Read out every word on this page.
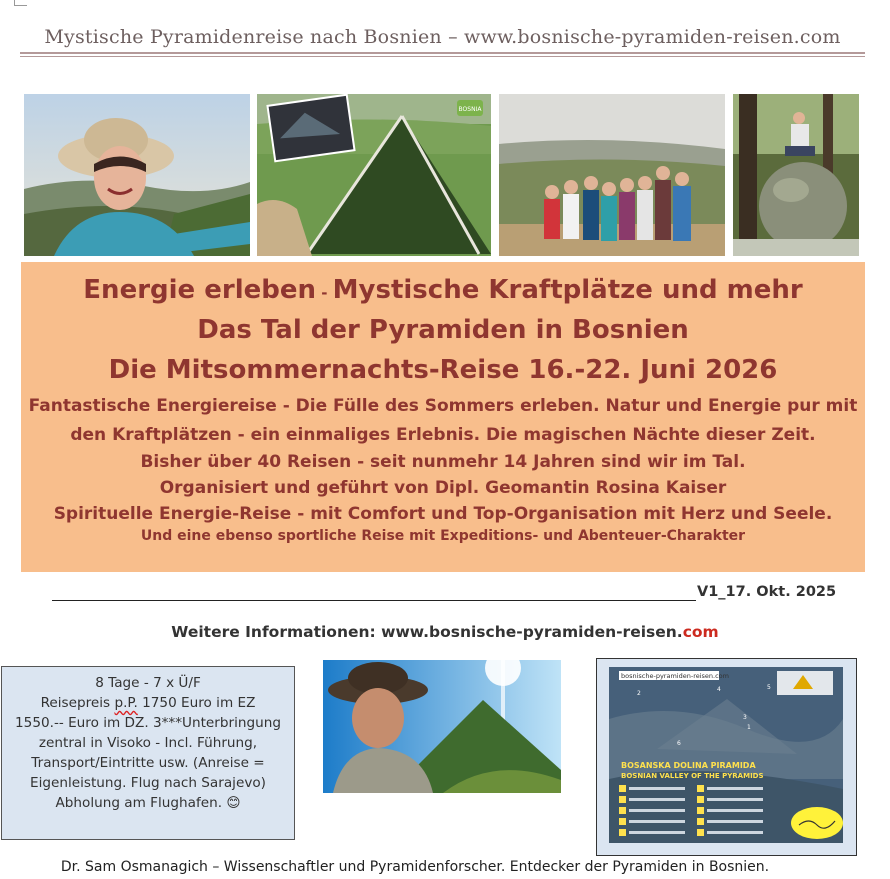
Mystische Pyramidenreise nach Bosnien – www.bosnische-pyramiden-reisen.com
BOSNIA
Energie erleben - Mystische Kraftplätze und mehr
Das Tal der Pyramiden in Bosnien
Die Mitsommernachts-Reise 16.-22. Juni 2026
Fantastische Energiereise - Die Fülle des Sommers erleben. Natur und Energie pur mit
den Kraftplätzen - ein einmaliges Erlebnis. Die magischen Nächte dieser Zeit.
Bisher über 40 Reisen - seit nunmehr 14 Jahren sind wir im Tal.
Organisiert und geführt von Dipl. Geomantin Rosina Kaiser
Spirituelle Energie-Reise - mit Comfort und Top-Organisation mit Herz und Seele.
Und eine ebenso sportliche Reise mit Expeditions- und Abenteuer-Charakter
V1_17. Okt. 2025
Weitere Informationen: www.bosnische-pyramiden-reisen.com
8 Tage - 7 x Ü/F
Reisepreis p.P. 1750 Euro im EZ
1550.-- Euro im DZ. 3***Unterbringung
zentral in Visoko - Incl. Führung,
Transport/Eintritte usw. (Anreise =
Eigenleistung. Flug nach Sarajevo)
Abholung am Flughafen. 😊
bosnische-pyramiden-reisen.com
BOSANSKA DOLINA PIRAMIDA
BOSNIAN VALLEY OF THE PYRAMIDS
2
4
3
5
1
6
Dr. Sam Osmanagich – Wissenschaftler und Pyramidenforscher. Entdecker der Pyramiden in Bosnien.
